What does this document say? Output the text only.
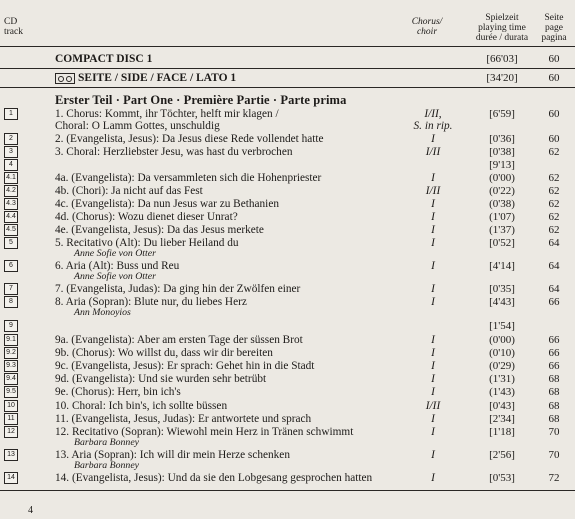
CD
track
Chorus/
choir
Spielzeit
playing time
durée / durata
Seite
page
pagina
COMPACT DISC 1	[66'03]	60
SEITE / SIDE / FACE / LATO 1	[34'20]	60
Erster Teil · Part One · Première Partie · Parte prima
1	1. Chorus: Kommt, ihr Töchter, helft mir klagen /	I/II,	[6'59]	60
Choral: O Lamm Gottes, unschuldig	S. in rip.
2	2. (Evangelista, Jesus): Da Jesus diese Rede vollendet hatte	I	[0'36]	60
3	3. Choral: Herzliebster Jesu, was hast du verbrochen	I/II	[0'38]	62
4	[9'13]
4.1	4a. (Evangelista): Da versammleten sich die Hohenpriester	I	(0'00)	62
4.2	4b. (Chori): Ja nicht auf das Fest	I/II	(0'22)	62
4.3	4c. (Evangelista): Da nun Jesus war zu Bethanien	I	(0'38)	62
4.4	4d. (Chorus): Wozu dienet dieser Unrat?	I	(1'07)	62
4.5	4e. (Evangelista, Jesus): Da das Jesus merkete	I	(1'37)	62
5	5. Recitativo (Alt): Du lieber Heiland du	I	[0'52]	64
Anne Sofie von Otter
6	6. Aria (Alt): Buss und Reu	I	[4'14]	64
Anne Sofie von Otter
7	7. (Evangelista, Judas): Da ging hin der Zwölfen einer	I	[0'35]	64
8	8. Aria (Sopran): Blute nur, du liebes Herz	I	[4'43]	66
Ann Monoyios
9	[1'54]
9.1	9a. (Evangelista): Aber am ersten Tage der süssen Brot	I	(0'00)	66
9.2	9b. (Chorus): Wo willst du, dass wir dir bereiten	I	(0'10)	66
9.3	9c. (Evangelista, Jesus): Er sprach: Gehet hin in die Stadt	I	(0'29)	66
9.4	9d. (Evangelista): Und sie wurden sehr betrübt	I	(1'31)	68
9.5	9e. (Chorus): Herr, bin ich's	I	(1'43)	68
10	10. Choral: Ich bin's, ich sollte büssen	I/II	[0'43]	68
11	11. (Evangelista, Jesus, Judas): Er antwortete und sprach	I	[2'34]	68
12	12. Recitativo (Sopran): Wiewohl mein Herz in Tränen schwimmt	I	[1'18]	70
Barbara Bonney
13	13. Aria (Sopran): Ich will dir mein Herze schenken	I	[2'56]	70
Barbara Bonney
14	14. (Evangelista, Jesus): Und da sie den Lobgesang gesprochen hatten	I	[0'53]	72
4
